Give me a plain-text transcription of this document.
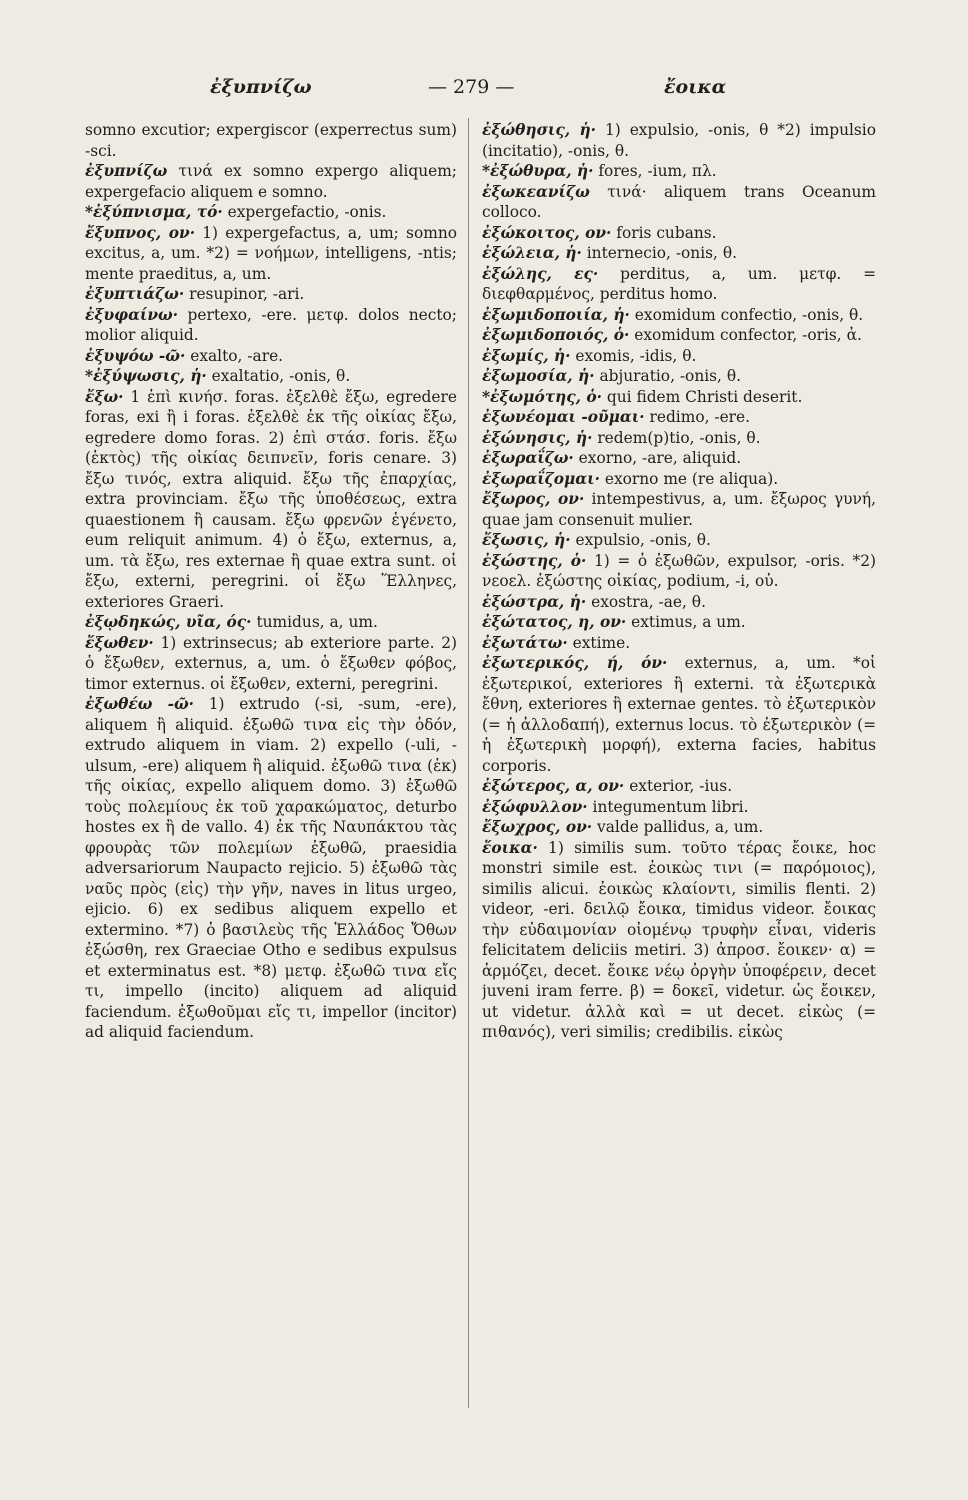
ἐξυπνίζω	— 279 —	ἔοικα

somno excutior; expergiscor (experrectus sum) -sci.

ἐξυπνίζω τινά ex somno expergo aliquem; expergefacio aliquem e somno.

*ἐξύπνισμα, τό· expergefactio, -onis.

ἔξυπνος, ον· 1) expergefactus, a, um; somno excitus, a, um. *2) = νοήμων, intelligens, -ntis; mente praeditus, a, um.

ἐξυπτιάζω· resupinor, -ari.

ἐξυφαίνω· pertexo, -ere. μετφ. dolos necto; molior aliquid.

ἐξυψόω -ῶ· exalto, -are.

*ἐξύψωσις, ἡ· exaltatio, -onis, θ.

ἔξω· 1 ἐπὶ κινήσ. foras. ἐξελθὲ ἔξω, egredere foras, exi ἢ i foras. ἐξελθὲ ἐκ τῆς οἰκίας ἔξω, egredere domo foras. 2) ἐπὶ στάσ. foris. ἔξω (ἐκτὸς) τῆς οἰκίας δειπνεῖν, foris cenare. 3) ἔξω τινός, extra aliquid. ἔξω τῆς ἐπαρχίας, extra provinciam. ἔξω τῆς ὑποθέσεως, extra quaestionem ἢ causam. ἔξω φρενῶν ἐγένετο, eum reliquit animum. 4) ὁ ἔξω, externus, a, um. τὰ ἔξω, res externae ἢ quae extra sunt. οἱ ἔξω, externi, peregrini. οἱ ἔξω Ἕλληνες, exteriores Graeri.

ἐξῳδηκώς, υῖα, ός· tumidus, a, um.

ἔξωθεν· 1) extrinsecus; ab exteriore parte. 2) ὁ ἔξωθεν, externus, a, um. ὁ ἔξωθεν φόβος, timor externus. οἱ ἔξωθεν, externi, peregrini.

ἐξωθέω -ῶ· 1) extrudo (-si, -sum, -ere), aliquem ἢ aliquid. ἐξωθῶ τινα εἰς τὴν ὁδόν, extrudo aliquem in viam. 2) expello (-uli, -ulsum, -ere) aliquem ἢ aliquid. ἐξωθῶ τινα (ἐκ) τῆς οἰκίας, expello aliquem domo. 3) ἐξωθῶ τοὺς πολεμίους ἐκ τοῦ χαρακώματος, deturbo hostes ex ἢ de vallo. 4) ἐκ τῆς Ναυπάκτου τὰς φρουρὰς τῶν πολεμίων ἐξωθῶ, praesidia adversariorum Naupacto rejicio. 5) ἐξωθῶ τὰς ναῦς πρὸς (εἰς) τὴν γῆν, naves in litus urgeo, ejicio. 6) ex sedibus aliquem expello et extermino. *7) ὁ βασιλεὺς τῆς Ἑλλάδος Ὄθων ἐξώσθη, rex Graeciae Otho e sedibus expulsus et exterminatus est. *8) μετφ. ἐξωθῶ τινα εἴς τι, impello (incito) aliquem ad aliquid faciendum. ἐξωθοῦμαι εἴς τι, impellor (incitor) ad aliquid faciendum.

ἐξώθησις, ἡ· 1) expulsio, -onis, θ *2) impulsio (incitatio), -onis, θ.

*ἐξώθυρα, ἡ· fores, -ium, πλ.

ἐξωκεανίζω τινά· aliquem trans Oceanum colloco.

ἐξώκοιτος, ον· foris cubans.

ἐξώλεια, ἡ· internecio, -onis, θ.

ἐξώλης, ες· perditus, a, um. μετφ. = διεφθαρμένος, perditus homo.

ἐξωμιδοποιία, ἡ· exomidum confectio, -onis, θ.

ἐξωμιδοποιός, ὁ· exomidum confector, -oris, ἀ.

ἐξωμίς, ἡ· exomis, -idis, θ.

ἐξωμοσία, ἡ· abjuratio, -onis, θ.

*ἐξωμότης, ὁ· qui fidem Christi deserit.

ἐξωνέομαι -οῦμαι· redimo, -ere.

ἐξώνησις, ἡ· redem(p)tio, -onis, θ.

ἐξωραΐζω· exorno, -are, aliquid.

ἐξωραΐζομαι· exorno me (re aliqua).

ἔξωρος, ον· intempestivus, a, um. ἔξωρος γυνή, quae jam consenuit mulier.

ἔξωσις, ἡ· expulsio, -onis, θ.

ἐξώστης, ὁ· 1) = ὁ ἐξωθῶν, expulsor, -oris. *2) νεοελ. ἐξώστης οἰκίας, podium, -i, οὐ.

ἐξώστρα, ἡ· exostra, -ae, θ.

ἐξώτατος, η, ον· extimus, a um.

ἐξωτάτω· extime.

ἐξωτερικός, ή, όν· externus, a, um. *οἱ ἐξωτερικοί, exteriores ἢ externi. τὰ ἐξωτερικὰ ἔθνη, exteriores ἢ externae gentes. τὸ ἐξωτερικὸν (= ἡ ἀλλοδαπή), externus locus. τὸ ἐξωτερικὸν (= ἡ ἐξωτερικὴ μορφή), externa facies, habitus corporis.

ἐξώτερος, α, ον· exterior, -ius.

ἐξώφυλλον· integumentum libri.

ἔξωχρος, ον· valde pallidus, a, um.

ἔοικα· 1) similis sum. τοῦτο τέρας ἔοικε, hoc monstri simile est. ἐοικὼς τινι (= παρόμοιος), similis alicui. ἐοικὼς κλαίοντι, similis flenti. 2) videor, -eri. δειλῷ ἔοικα, timidus videor. ἔοικας τὴν εὐδαιμονίαν οἰομένῳ τρυφὴν εἶναι, videris felicitatem deliciis metiri. 3) ἀπροσ. ἔοικεν· α) = ἁρμόζει, decet. ἔοικε νέῳ ὀργὴν ὑποφέρειν, decet juveni iram ferre. β) = δοκεῖ, videtur. ὡς ἔοικεν, ut videtur. ἀλλὰ καὶ = ut decet. εἰκὼς (= πιθανός), veri similis; credibilis. εἰκὼς
